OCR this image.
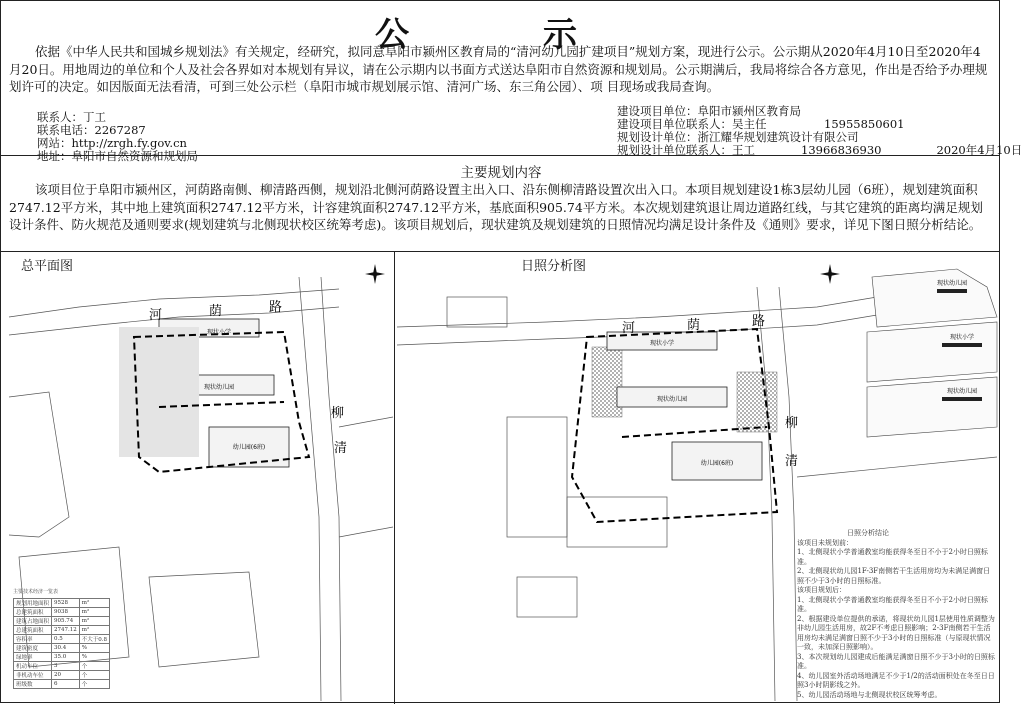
公　示
依据《中华人民共和国城乡规划法》有关规定，经研究，拟同意阜阳市颍州区教育局的“清河幼儿园扩建项目”规划方案，现进行公示。公示期从2020年4月10日至2020年4月20日。用地周边的单位和个人及社会各界如对本规划有异议，请在公示期内以书面方式送达阜阳市自然资源和规划局。公示期满后，我局将综合各方意见，作出是否给予办理规划许可的决定。如因版面无法看清，可到三处公示栏（阜阳市城市规划展示馆、清河广场、东三角公园）、项 目现场或我局查询。
联系人：丁工
联系电话：2267287
网站：http://zrgh.fy.gov.cn
地址：阜阳市自然资源和规划局
建设项目单位：阜阳市颍州区教育局
建设项目单位联系人：吴主任　　　　　15955850601
规划设计单位：浙江耀华规划建筑设计有限公司
规划设计单位联系人：王工　　　　13966836930	2020年4月10日
主要规划内容
该项目位于阜阳市颍州区，河荫路南侧、柳清路西侧，规划沿北侧河荫路设置主出入口、沿东侧柳清路设置次出入口。本项目规划建设1栋3层幼儿园（6班），规划建筑面积2747.12平方米，其中地上建筑面积2747.12平方米，计容建筑面积2747.12平方米，基底面积905.74平方米。本次规划建筑退让周边道路红线，与其它建筑的距离均满足规划设计条件、防火规范及通则要求(规划建筑与北侧现状校区统筹考虑)。该项目规划后，现状建筑及规划建筑的日照情况均满足设计条件及《通则》要求，详见下图日照分析结论。
总平面图
现状小学
现状幼儿园
幼儿园(6班)
河	荫	路
柳
清
主要技术经济一览表
规划用地面积	9528	m²
总建筑面积	9038	m²
建筑占地面积	905.74	m²
总建筑面积	2747.12	m²
容积率	0.5	不大于0.8
建筑密度	30.4	%
绿地率	35.0	%
机动车位	3	个
非机动车位	20	个
班级数	6	个
日照分析图
现状小学
现状幼儿园
幼儿园(6班)
河	荫	路
柳
清
现状幼儿园
现状小学
现状幼儿园
日照分析结论
该项目未规划前：
1、北侧现状小学普通教室均能获得冬至日不小于2小时日照标准。
2、北侧现状幼儿园1F-3F南侧若干生活用房均为未满足满窗日照不少于3小时的日照标准。
该项目规划后：
1、北侧现状小学普通教室均能获得冬至日不小于2小时日照标准。
2、根据建设单位提供的承诺，将现状幼儿园1层使用性质调整为非幼儿园生活用房，故2F不考虑日照影响；2-3F南侧若干生活用房均未满足满窗日照不少于3小时的日照标准（与原现状情况一致，未加深日照影响）。
3、本次规划幼儿园建成后能满足满窗日照不少于3小时的日照标准。
4、幼儿园室外活动场地满足不少于1/2的活动面积处在冬至日日照3小时阴影线之外。
5、幼儿园活动场地与北侧现状校区统筹考虑。
